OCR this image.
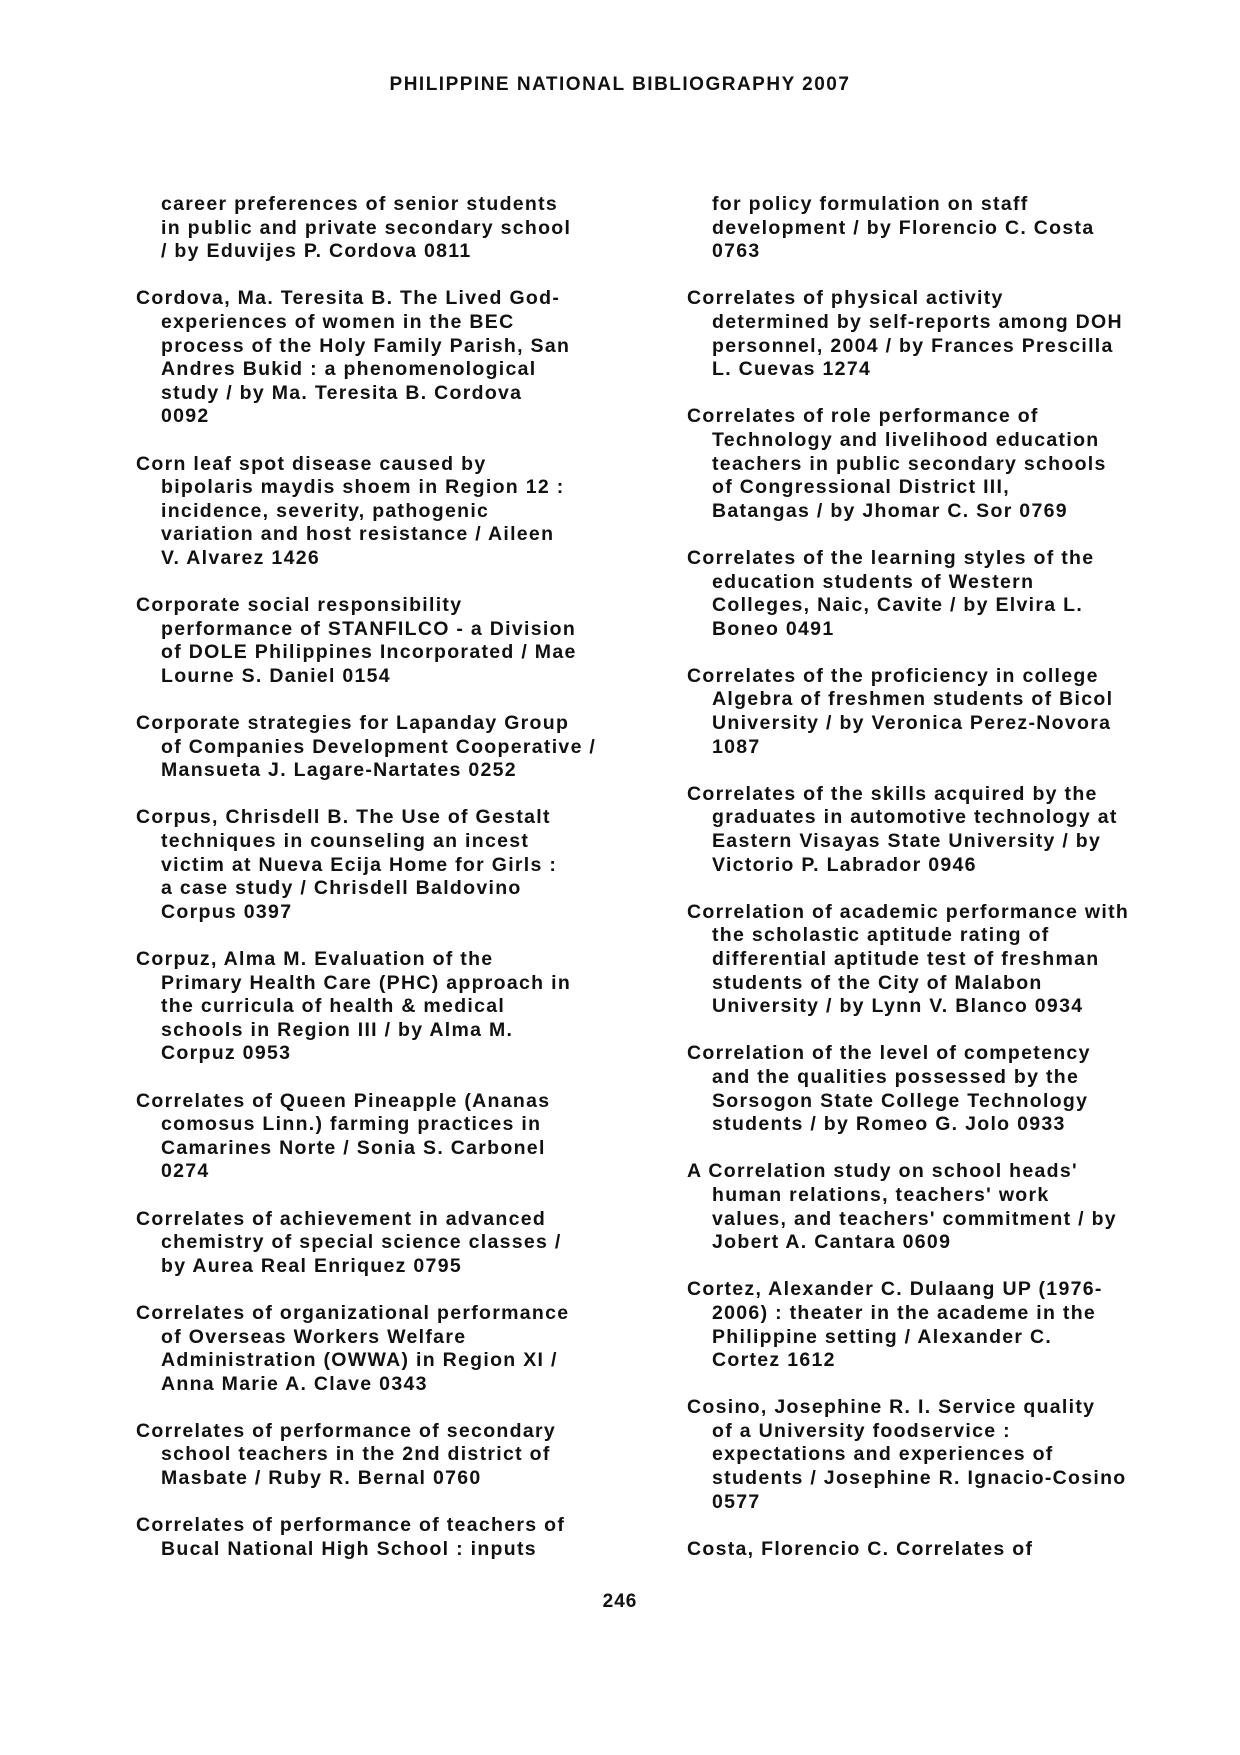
PHILIPPINE NATIONAL BIBLIOGRAPHY 2007

career preferences of senior students
in public and private secondary school
/ by Eduvijes P. Cordova 0811

Cordova, Ma. Teresita B. The Lived God-
experiences of women in the BEC
process of the Holy Family Parish, San
Andres Bukid : a phenomenological
study / by Ma. Teresita B. Cordova
0092

Corn leaf spot disease caused by
bipolaris maydis shoem in Region 12 :
incidence, severity, pathogenic
variation and host resistance / Aileen
V. Alvarez 1426

Corporate social responsibility
performance of STANFILCO - a Division
of DOLE Philippines Incorporated / Mae
Lourne S. Daniel 0154

Corporate strategies for Lapanday Group
of Companies Development Cooperative /
Mansueta J. Lagare-Nartates 0252

Corpus, Chrisdell B. The Use of Gestalt
techniques in counseling an incest
victim at Nueva Ecija Home for Girls :
a case study / Chrisdell Baldovino
Corpus 0397

Corpuz, Alma M. Evaluation of the
Primary Health Care (PHC) approach in
the curricula of health & medical
schools in Region III / by Alma M.
Corpuz 0953

Correlates of Queen Pineapple (Ananas
comosus Linn.) farming practices in
Camarines Norte / Sonia S. Carbonel
0274

Correlates of achievement in advanced
chemistry of special science classes /
by Aurea Real Enriquez 0795

Correlates of organizational performance
of Overseas Workers Welfare
Administration (OWWA) in Region XI /
Anna Marie A. Clave 0343

Correlates of performance of secondary
school teachers in the 2nd district of
Masbate / Ruby R. Bernal 0760

Correlates of performance of teachers of
Bucal National High School : inputs

for policy formulation on staff
development / by Florencio C. Costa
0763

Correlates of physical activity
determined by self-reports among DOH
personnel, 2004 / by Frances Prescilla
L. Cuevas 1274

Correlates of role performance of
Technology and livelihood education
teachers in public secondary schools
of Congressional District III,
Batangas / by Jhomar C. Sor 0769

Correlates of the learning styles of the
education students of Western
Colleges, Naic, Cavite / by Elvira L.
Boneo 0491

Correlates of the proficiency in college
Algebra of freshmen students of Bicol
University / by Veronica Perez-Novora
1087

Correlates of the skills acquired by the
graduates in automotive technology at
Eastern Visayas State University / by
Victorio P. Labrador 0946

Correlation of academic performance with
the scholastic aptitude rating of
differential aptitude test of freshman
students of the City of Malabon
University / by Lynn V. Blanco 0934

Correlation of the level of competency
and the qualities possessed by the
Sorsogon State College Technology
students / by Romeo G. Jolo 0933

A Correlation study on school heads'
human relations, teachers' work
values, and teachers' commitment / by
Jobert A. Cantara 0609

Cortez, Alexander C. Dulaang UP (1976-
2006) : theater in the academe in the
Philippine setting / Alexander C.
Cortez 1612

Cosino, Josephine R. I. Service quality
of a University foodservice :
expectations and experiences of
students / Josephine R. Ignacio-Cosino
0577

Costa, Florencio C. Correlates of

246
